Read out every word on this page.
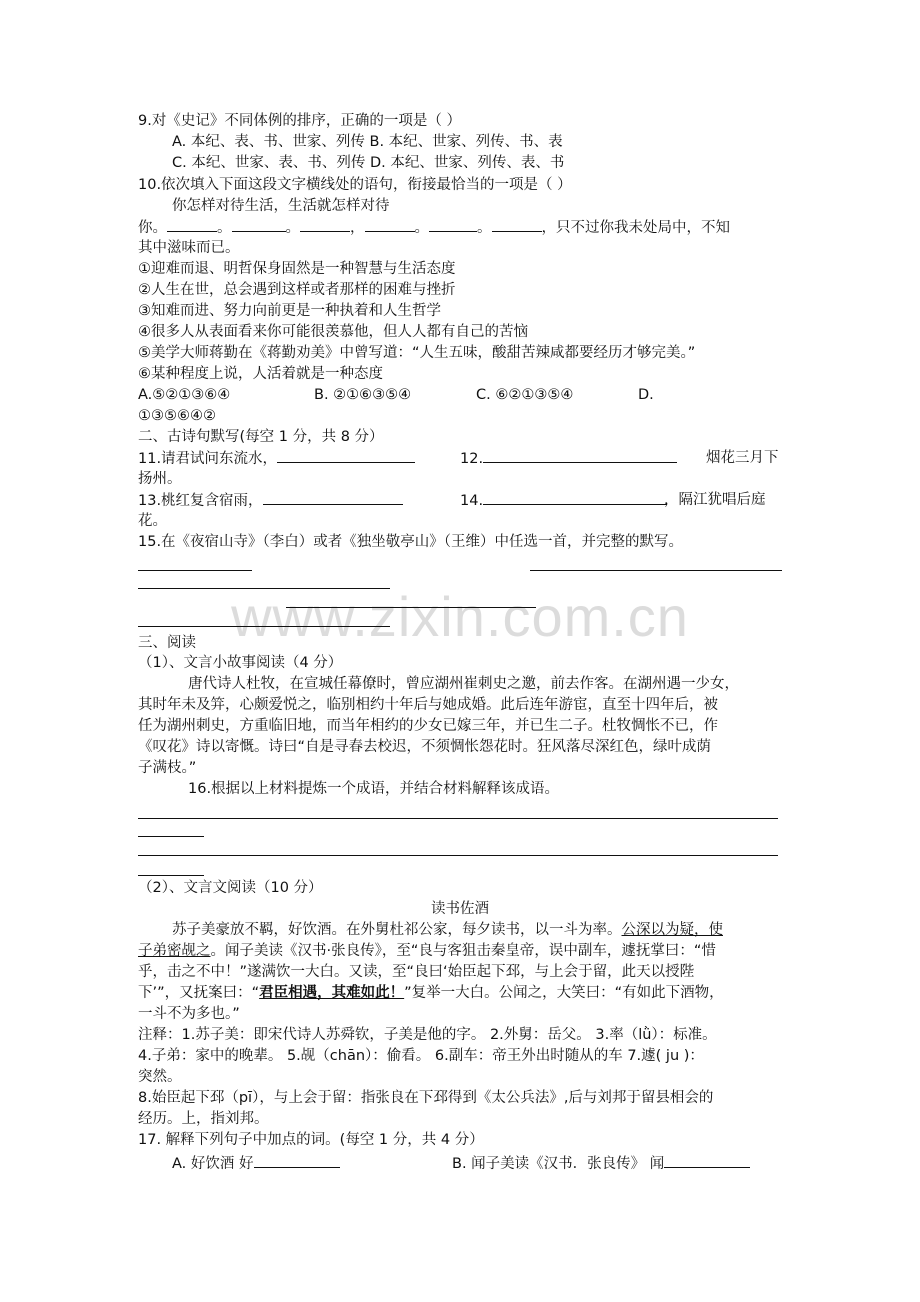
www.zixin.com.cn
9.对《史记》不同体例的排序，正确的一项是（ ）
A. 本纪、表、书、世家、列传 B. 本纪、世家、列传、书、表
C. 本纪、世家、表、书、列传 D. 本纪、世家、列传、表、书
10.依次填入下面这段文字横线处的语句，衔接最恰当的一项是（ ）
你怎样对待生活，生活就怎样对待
你。	。	。	，	。	。	，只不过你我未处局中，不知
其中滋味而已。
①迎难而退、明哲保身固然是一种智慧与生活态度
②人生在世，总会遇到这样或者那样的困难与挫折
③知难而进、努力向前更是一种执着和人生哲学
④很多人从表面看来你可能很羡慕他，但人人都有自己的苦恼
⑤美学大师蒋勤在《蒋勤劝美》中曾写道：“人生五味，酸甜苦辣咸都要经历才够完美。”
⑥某种程度上说，人活着就是一种态度
A.⑤②①③⑥④	B. ②①⑥③⑤④	C. ⑥②①③⑤④	D.
①③⑤⑥④②
二、古诗句默写(每空 1 分，共 8 分）
11.请君试问东流水，	12.	烟花三月下
扬州。
13.桃红复含宿雨，	14.	，隔江犹唱后庭
花。
15.在《夜宿山寺》（李白）或者《独坐敬亭山》（王维）中任选一首，并完整的默写。
三、阅读
（1）、文言小故事阅读（4 分）
唐代诗人杜牧，在宣城任幕僚时，曾应湖州崔刺史之邀，前去作客。在湖州遇一少女，
其时年未及笄，心颇爱悦之，临别相约十年后与她成婚。此后连年游宦，直至十四年后，被
任为湖州刺史，方重临旧地，而当年相约的少女已嫁三年，并已生二子。杜牧惆怅不已，作
《叹花》诗以寄慨。诗曰“自是寻春去校迟，不须惆怅怨花时。狂风落尽深红色，绿叶成荫
子满枝。”
16.根据以上材料提炼一个成语，并结合材料解释该成语。
（2）、文言文阅读（10 分）
读书佐酒
苏子美豪放不羁，好饮酒。在外舅杜祁公家，每夕读书，以一斗为率。公深以为疑，使
子弟密觇之。闻子美读《汉书·张良传》，至“良与客狙击秦皇帝，误中副车，遽抚掌曰：“惜
乎，击之不中！”遂满饮一大白。又读，至“良曰‘始臣起下邳，与上会于留，此天以授陛
下’”，又抚案曰：“君臣相遇，其难如此！”复举一大白。公闻之，大笑曰：“有如此下酒物，
一斗不为多也。”
注释：1.苏子美：即宋代诗人苏舜钦，子美是他的字。 2.外舅：岳父。 3.率（lǜ）：标准。
4.子弟：家中的晚辈。 5.觇（chān）：偷看。 6.副车：帝王外出时随从的车 7.遽( ju )：
突然。
8.始臣起下邳（pī），与上会于留：指张良在下邳得到《太公兵法》,后与刘邦于留县相会的
经历。上，指刘邦。
17. 解释下列句子中加点的词。(每空 1 分，共 4 分）
A. 好饮酒 好	B. 闻子美读《汉书．张良传》 闻
